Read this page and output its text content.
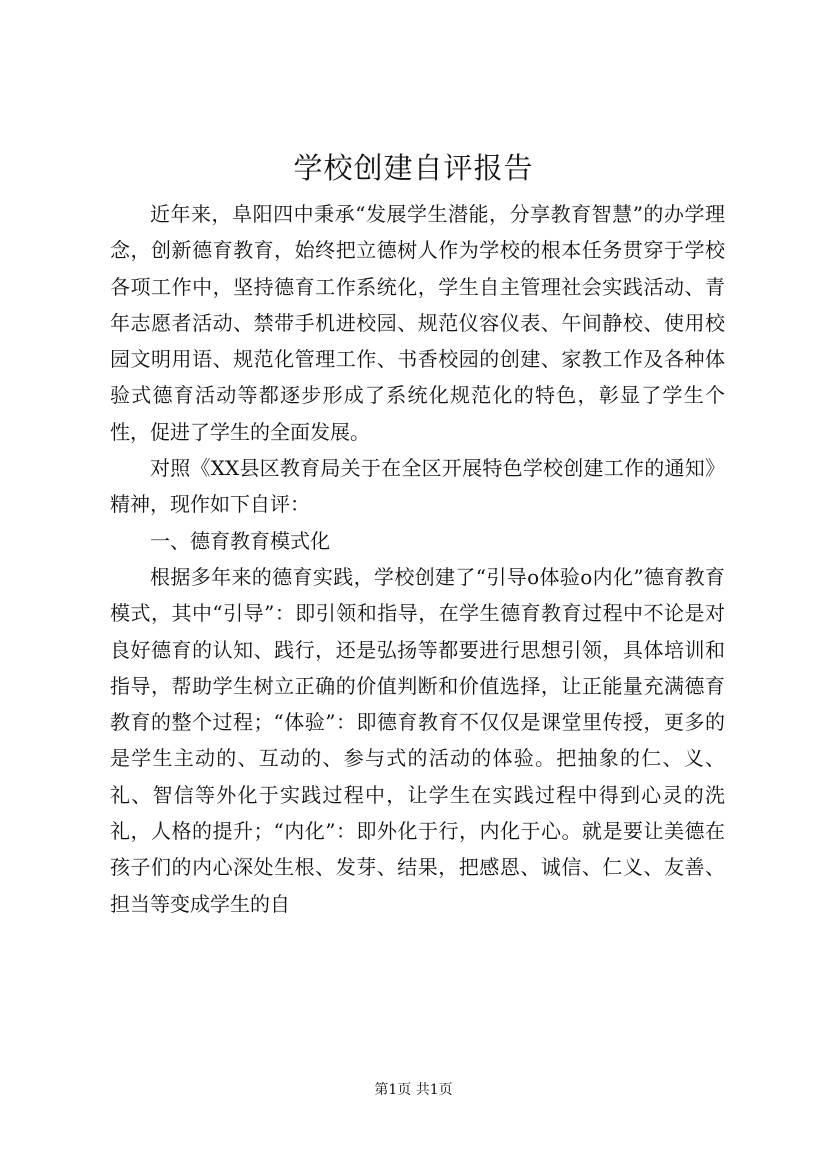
学校创建自评报告

近年来，阜阳四中秉承“发展学生潜能，分享教育智慧”的办学理念，创新德育教育，始终把立德树人作为学校的根本任务贯穿于学校各项工作中，坚持德育工作系统化，学生自主管理社会实践活动、青年志愿者活动、禁带手机进校园、规范仪容仪表、午间静校、使用校园文明用语、规范化管理工作、书香校园的创建、家教工作及各种体验式德育活动等都逐步形成了系统化规范化的特色，彰显了学生个性，促进了学生的全面发展。

对照《XX县区教育局关于在全区开展特色学校创建工作的通知》精神，现作如下自评：

一、德育教育模式化

根据多年来的德育实践，学校创建了“引导o体验o内化”德育教育模式，其中“引导”：即引领和指导，在学生德育教育过程中不论是对良好德育的认知、践行，还是弘扬等都要进行思想引领，具体培训和指导，帮助学生树立正确的价值判断和价值选择，让正能量充满德育教育的整个过程；“体验”：即德育教育不仅仅是课堂里传授，更多的是学生主动的、互动的、参与式的活动的体验。把抽象的仁、义、礼、智信等外化于实践过程中，让学生在实践过程中得到心灵的洗礼，人格的提升；“内化”：即外化于行，内化于心。就是要让美德在孩子们的内心深处生根、发芽、结果，把感恩、诚信、仁义、友善、担当等变成学生的自

第1页 共1页
